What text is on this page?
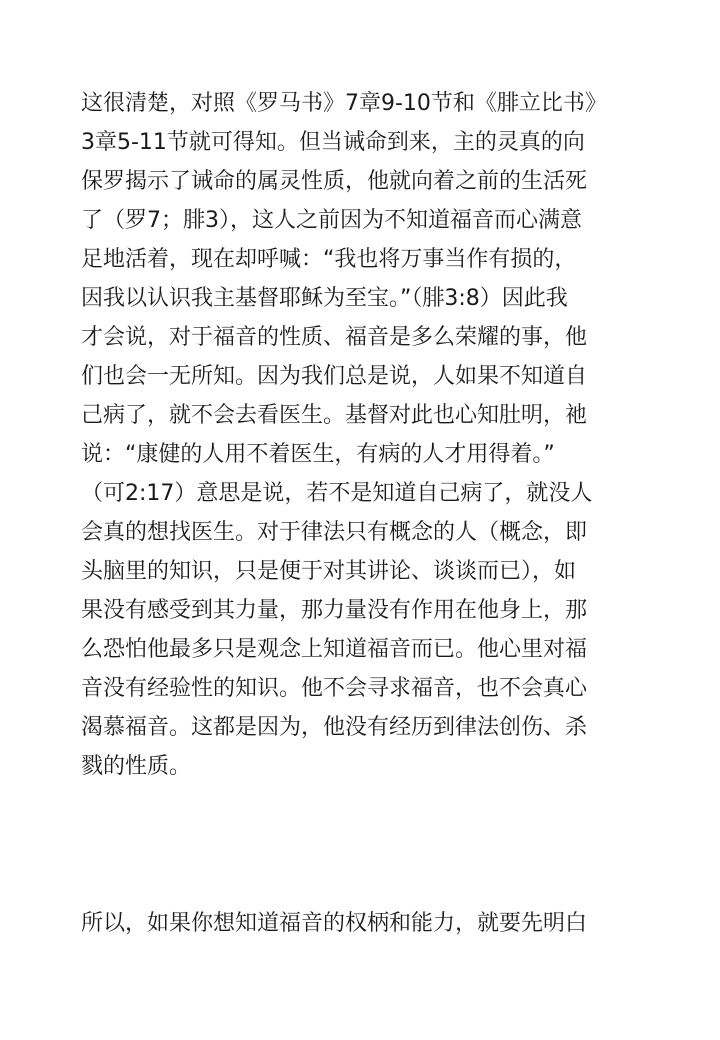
这很清楚，对照《罗马书》7章9-10节和《腓立比书》
3章5-11节就可得知。但当诫命到来，主的灵真的向
保罗揭示了诫命的属灵性质，他就向着之前的生活死
了（罗7；腓3），这人之前因为不知道福音而心满意
足地活着，现在却呼喊：“我也将万事当作有损的，
因我以认识我主基督耶稣为至宝。”（腓3:8）因此我
才会说，对于福音的性质、福音是多么荣耀的事，他
们也会一无所知。因为我们总是说，人如果不知道自
己病了，就不会去看医生。基督对此也心知肚明，祂
说：“康健的人用不着医生，有病的人才用得着。”
（可2:17）意思是说，若不是知道自己病了，就没人
会真的想找医生。对于律法只有概念的人（概念，即
头脑里的知识，只是便于对其讲论、谈谈而已），如
果没有感受到其力量，那力量没有作用在他身上，那
么恐怕他最多只是观念上知道福音而已。他心里对福
音没有经验性的知识。他不会寻求福音，也不会真心
渴慕福音。这都是因为，他没有经历到律法创伤、杀
戮的性质。
所以，如果你想知道福音的权柄和能力，就要先明白
